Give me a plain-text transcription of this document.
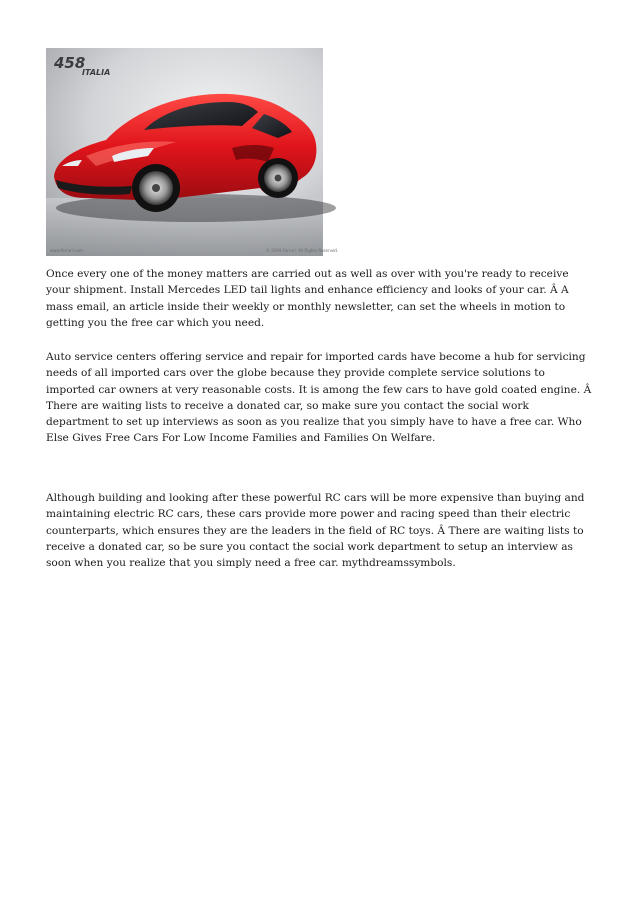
458
ITALIA
www.ferrari.com	© 2009 Ferrari. All Rights Reserved.

Once every one of the money matters are carried out as well as over with you're ready to receive your shipment. Install Mercedes LED tail lights and enhance efficiency and looks of your car. Â A mass email, an article inside their weekly or monthly newsletter, can set the wheels in motion to getting you the free car which you need.

Auto service centers offering service and repair for imported cards have become a hub for servicing needs of all imported cars over the globe because they provide complete service solutions to imported car owners at very reasonable costs. It is among the few cars to have gold coated engine. Â There are waiting lists to receive a donated car, so make sure you contact the social work department to set up interviews as soon as you realize that you simply have to have a free car. Who Else Gives Free Cars For Low Income Families and Families On Welfare.

Although building and looking after these powerful RC cars will be more expensive than buying and maintaining electric RC cars, these cars provide more power and racing speed than their electric counterparts, which ensures they are the leaders in the field of RC toys. Â There are waiting lists to receive a donated car, so be sure you contact the social work department to setup an interview as soon when you realize that you simply need a free car. mythdreamssymbols.
